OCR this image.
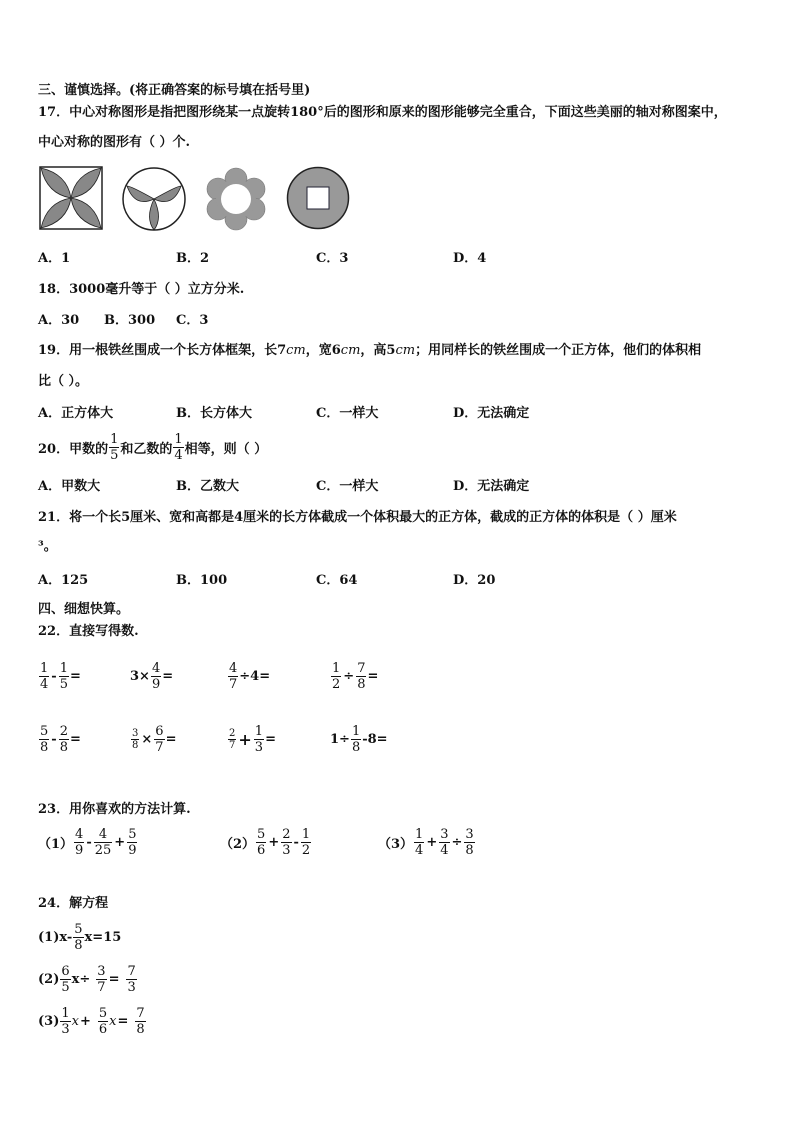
三、谨慎选择。(将正确答案的标号填在括号里)
17．中心对称图形是指把图形绕某一点旋转180°后的图形和原来的图形能够完全重合，下面这些美丽的轴对称图案中，
中心对称的图形有（ ）个.
A．1	B．2	C．3	D．4
18．3000毫升等于（ ）立方分米.
A．30 B．300 C．3
19．用一根铁丝围成一个长方体框架，长7cm，宽6cm，高5cm；用同样长的铁丝围成一个正方体，他们的体积相
比（ ）。
A．正方体大	B．长方体大	C．一样大	D．无法确定
20．甲数的 $\frac{1}{5}$ 和乙数的 $\frac{1}{4}$ 相等，则（ ）
A．甲数大	B．乙数大	C．一样大	D．无法确定
21．将一个长5厘米、宽和高都是4厘米的长方体截成一个体积最大的正方体，截成的正方体的体积是（ ）厘米
³。
A．125	B．100	C．64	D．20
四、细想快算。
22．直接写得数.
$\frac{1}{4} - \frac{1}{5}$ =	$3\times \frac{4}{9}$ =	$\frac{4}{7} \div 4=$	$\frac{1}{2} \div \frac{7}{8}$ =
$\frac{5}{8} - \frac{2}{8}$ =	$\frac{3}{8} \times \frac{6}{7}$ =	$\frac{2}{7} + \frac{1}{3}$ =	$1\div \frac{1}{8} -8=$
23．用你喜欢的方法计算.
$(1) \frac{4}{9} - \frac{4}{25} + \frac{5}{9}$	$(2) \frac{5}{6} + \frac{2}{3} - \frac{1}{2}$	$(3) \frac{1}{4} + \frac{3}{4} \div \frac{3}{8}$
24．解方程
$(1)x- \frac{5}{8} x=15$
$(2) \frac{6}{5} x\div \frac{3}{7} = \frac{7}{3}$
$(3) \frac{1}{3}$ $x + \frac{5}{6}$ $x = \frac{7}{8}$
